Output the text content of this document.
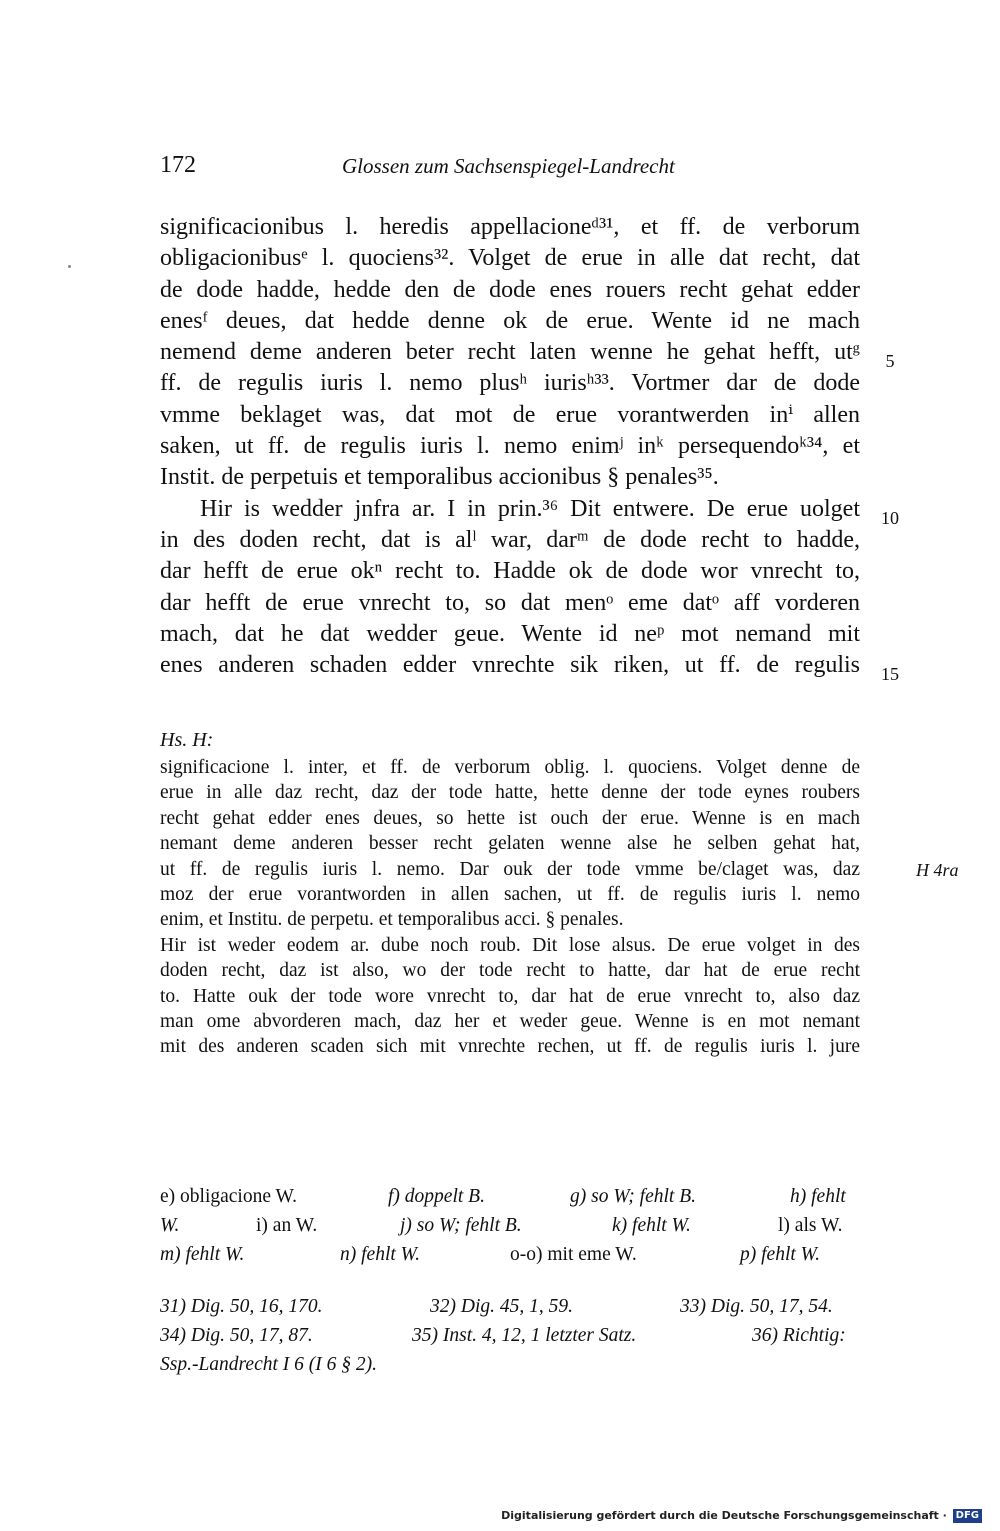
172	Glossen zum Sachsenspiegel-Landrecht
significacionibus l. heredis appellacioneᵈ³¹, et ff. de verborum
obligacionibusᵉ l. quociens³². Volget de erue in alle dat recht, dat
de dode hadde, hedde den de dode enes rouers recht gehat edder
enesᶠ deues, dat hedde denne ok de erue. Wente id ne mach
nemend deme anderen beter recht laten wenne he gehat hefft, utᵍ
ff. de regulis iuris l. nemo plusʰ iurisʰ³³. Vortmer dar de dode
vmme beklaget was, dat mot de erue vorantwerden inⁱ allen
saken, ut ff. de regulis iuris l. nemo enimʲ inᵏ persequendoᵏ³⁴, et
Instit. de perpetuis et temporalibus accionibus § penales³⁵.
Hir is wedder jnfra ar. I in prin.³⁶ Dit entwere. De erue uolget
in des doden recht, dat is alˡ war, darᵐ de dode recht to hadde,
dar hefft de erue okⁿ recht to. Hadde ok de dode wor vnrecht to,
dar hefft de erue vnrecht to, so dat menᵒ eme datᵒ aff vorderen
mach, dat he dat wedder geue. Wente id neᵖ mot nemand mit
enes anderen schaden edder vnrechte sik riken, ut ff. de regulis
5
10
15
Hs. H:
significacione l. inter, et ff. de verborum oblig. l. quociens. Volget denne de
erue in alle daz recht, daz der tode hatte, hette denne der tode eynes roubers
recht gehat edder enes deues, so hette ist ouch der erue. Wenne is en mach
nemant deme anderen besser recht gelaten wenne alse he selben gehat hat,
ut ff. de regulis iuris l. nemo. Dar ouk der tode vmme be/claget was, daz
moz der erue vorantworden in allen sachen, ut ff. de regulis iuris l. nemo
enim, et Institu. de perpetu. et temporalibus acci. § penales.
Hir ist weder eodem ar. dube noch roub. Dit lose alsus. De erue volget in des
doden recht, daz ist also, wo der tode recht to hatte, dar hat de erue recht
to. Hatte ouk der tode wore vnrecht to, dar hat de erue vnrecht to, also daz
man ome abvorderen mach, daz her et weder geue. Wenne is en mot nemant
mit des anderen scaden sich mit vnrechte rechen, ut ff. de regulis iuris l. jure
H 4ra
e) obligacione W.	f) doppelt B.	g) so W; fehlt B.	h) fehlt
W.	i) an W.	j) so W; fehlt B.	k) fehlt W.	l) als W.
m) fehlt W.	n) fehlt W.	o-o) mit eme W.	p) fehlt W.
31) Dig. 50, 16, 170.	32) Dig. 45, 1, 59.	33) Dig. 50, 17, 54.
34) Dig. 50, 17, 87.	35) Inst. 4, 12, 1 letzter Satz.	36) Richtig:
Ssp.-Landrecht I 6 (I 6 § 2).
Digitalisierung gefördert durch die Deutsche Forschungsgemeinschaft · DFG
